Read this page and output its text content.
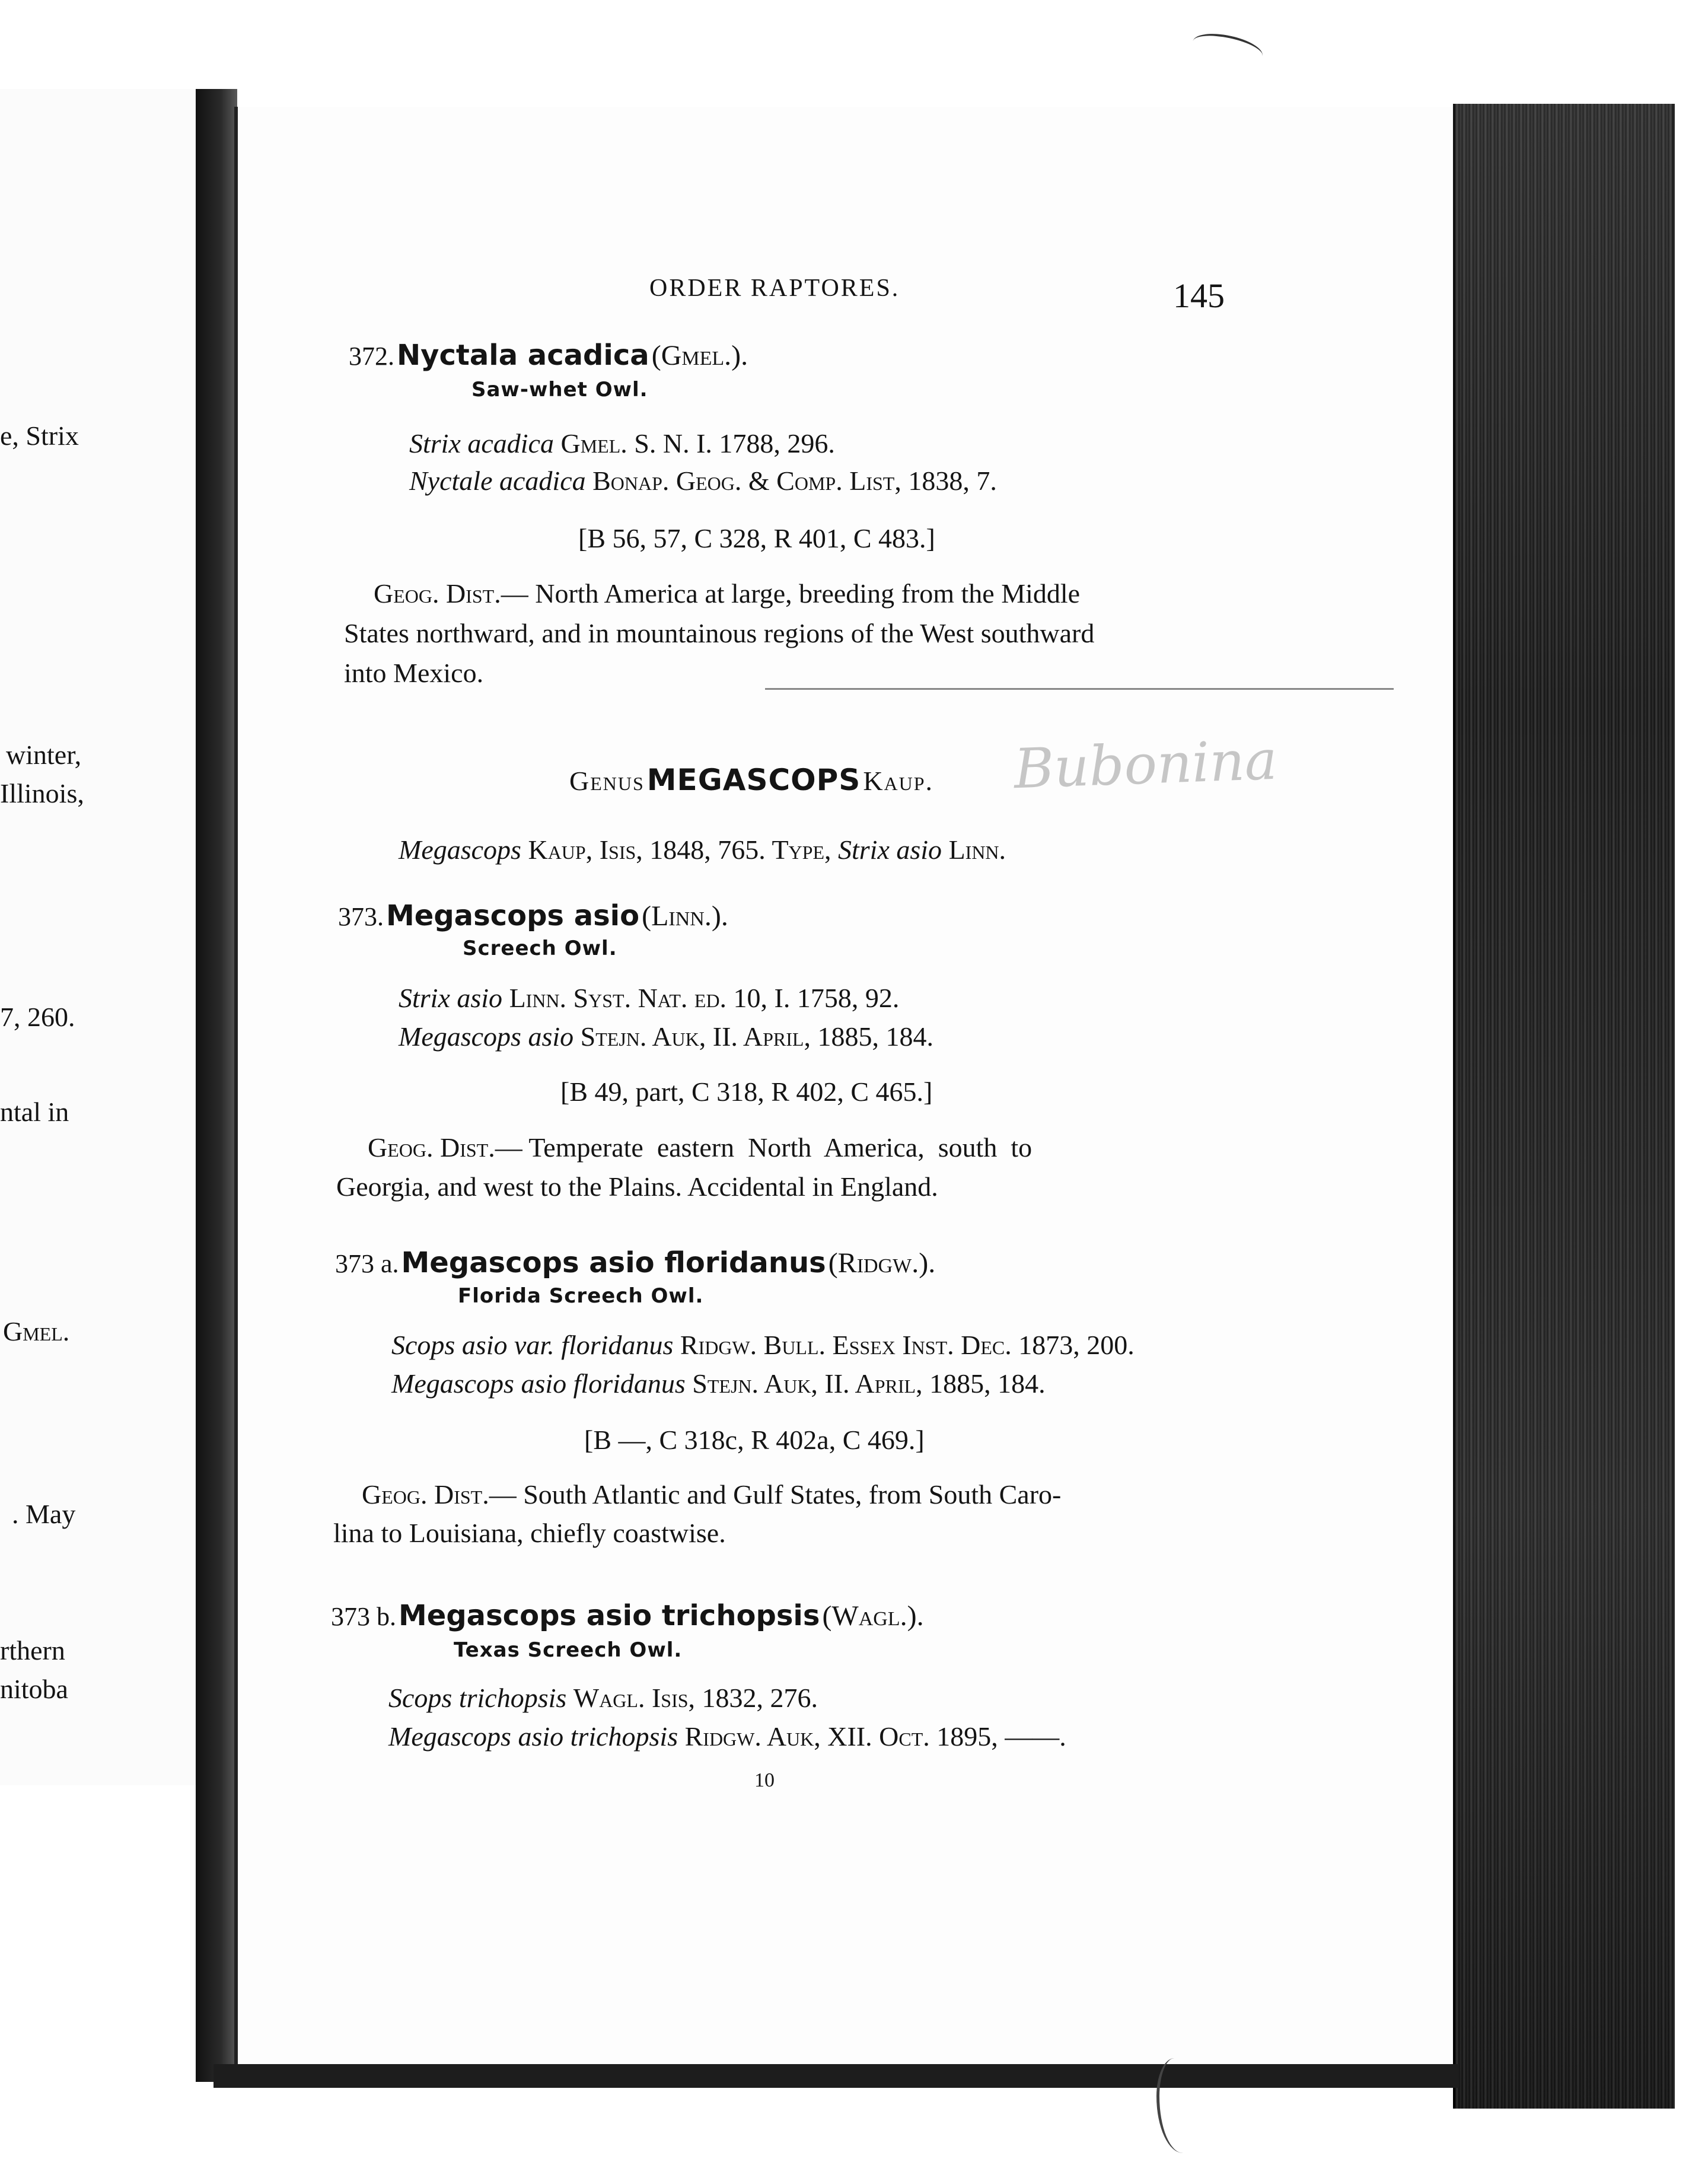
e, Strix
winter,
Illinois,
7, 260.
ntal in
Gmel.
. May
rthern
nitoba
ORDER RAPTORES.	145
372. Nyctala acadica (Gmel.).
Saw-whet Owl.
Strix acadica Gmel. S. N. I. 1788, 296.
Nyctale acadica Bonap. Geog. & Comp. List, 1838, 7.
[B 56, 57, C 328, R 401, C 483.]
Geog. Dist.— North America at large, breeding from the Middle
States northward, and in mountainous regions of the West southward
into Mexico.
Genus MEGASCOPS Kaup. Bubonina
Megascops Kaup, Isis, 1848, 765. Type, Strix asio Linn.
373. Megascops asio (Linn.).
Screech Owl.
Strix asio Linn. Syst. Nat. ed. 10, I. 1758, 92.
Megascops asio Stejn. Auk, II. April, 1885, 184.
[B 49, part, C 318, R 402, C 465.]
Geog. Dist.— Temperate  eastern  North  America,  south  to
Georgia, and west to the Plains. Accidental in England.
373 a. Megascops asio floridanus (Ridgw.).
Florida Screech Owl.
Scops asio var. floridanus Ridgw. Bull. Essex Inst. Dec. 1873, 200.
Megascops asio floridanus Stejn. Auk, II. April, 1885, 184.
[B —, C 318c, R 402a, C 469.]
Geog. Dist.— South Atlantic and Gulf States, from South Caro-
lina to Louisiana, chiefly coastwise.
373 b. Megascops asio trichopsis (Wagl.).
Texas Screech Owl.
Scops trichopsis Wagl. Isis, 1832, 276.
Megascops asio trichopsis Ridgw. Auk, XII. Oct. 1895, ——.
10
